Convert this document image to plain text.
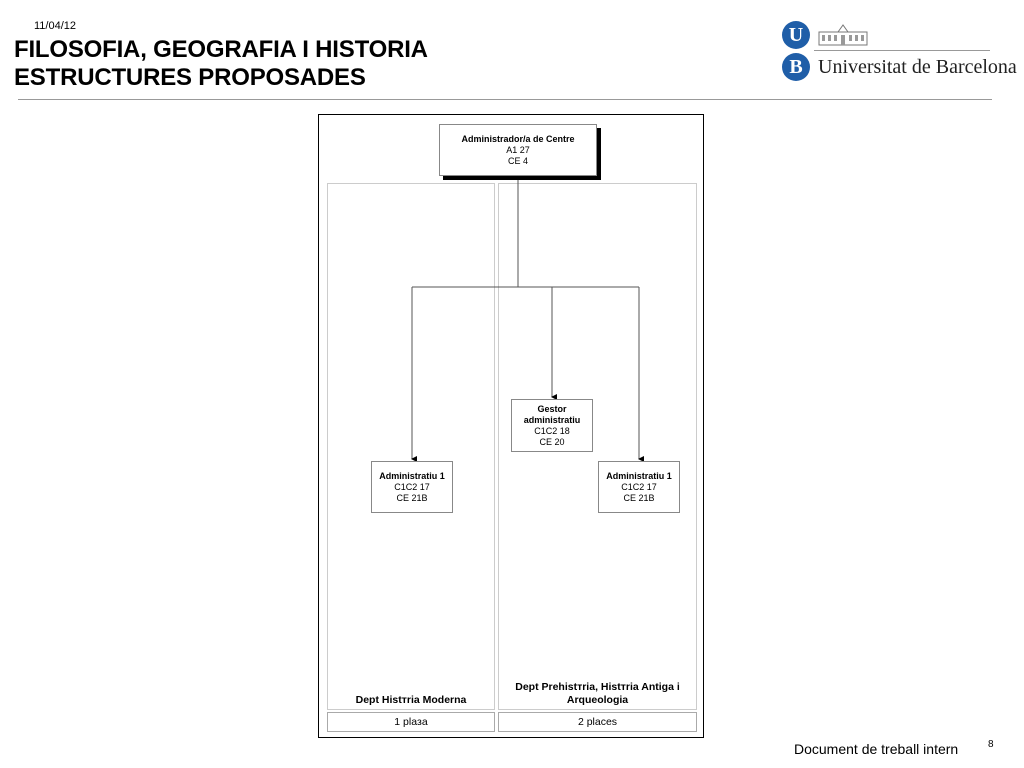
11/04/12
FILOSOFIA, GEOGRAFIA I HISTORIA
ESTRUCTURES PROPOSADES
U
B Universitat de Barcelona
Administrador/a de Centre
A1 27
CE 4
Gestor
administratiu
C1C2 18
CE 20
Administratiu 1
C1C2 17
CE 21B
Administratiu 1
C1C2 17
CE 21B
Dept Histтria Moderna
Dept Prehistтria, Histтria Antiga i
Arqueologia
1 plaзa	2 places
Document de treball intern	8
